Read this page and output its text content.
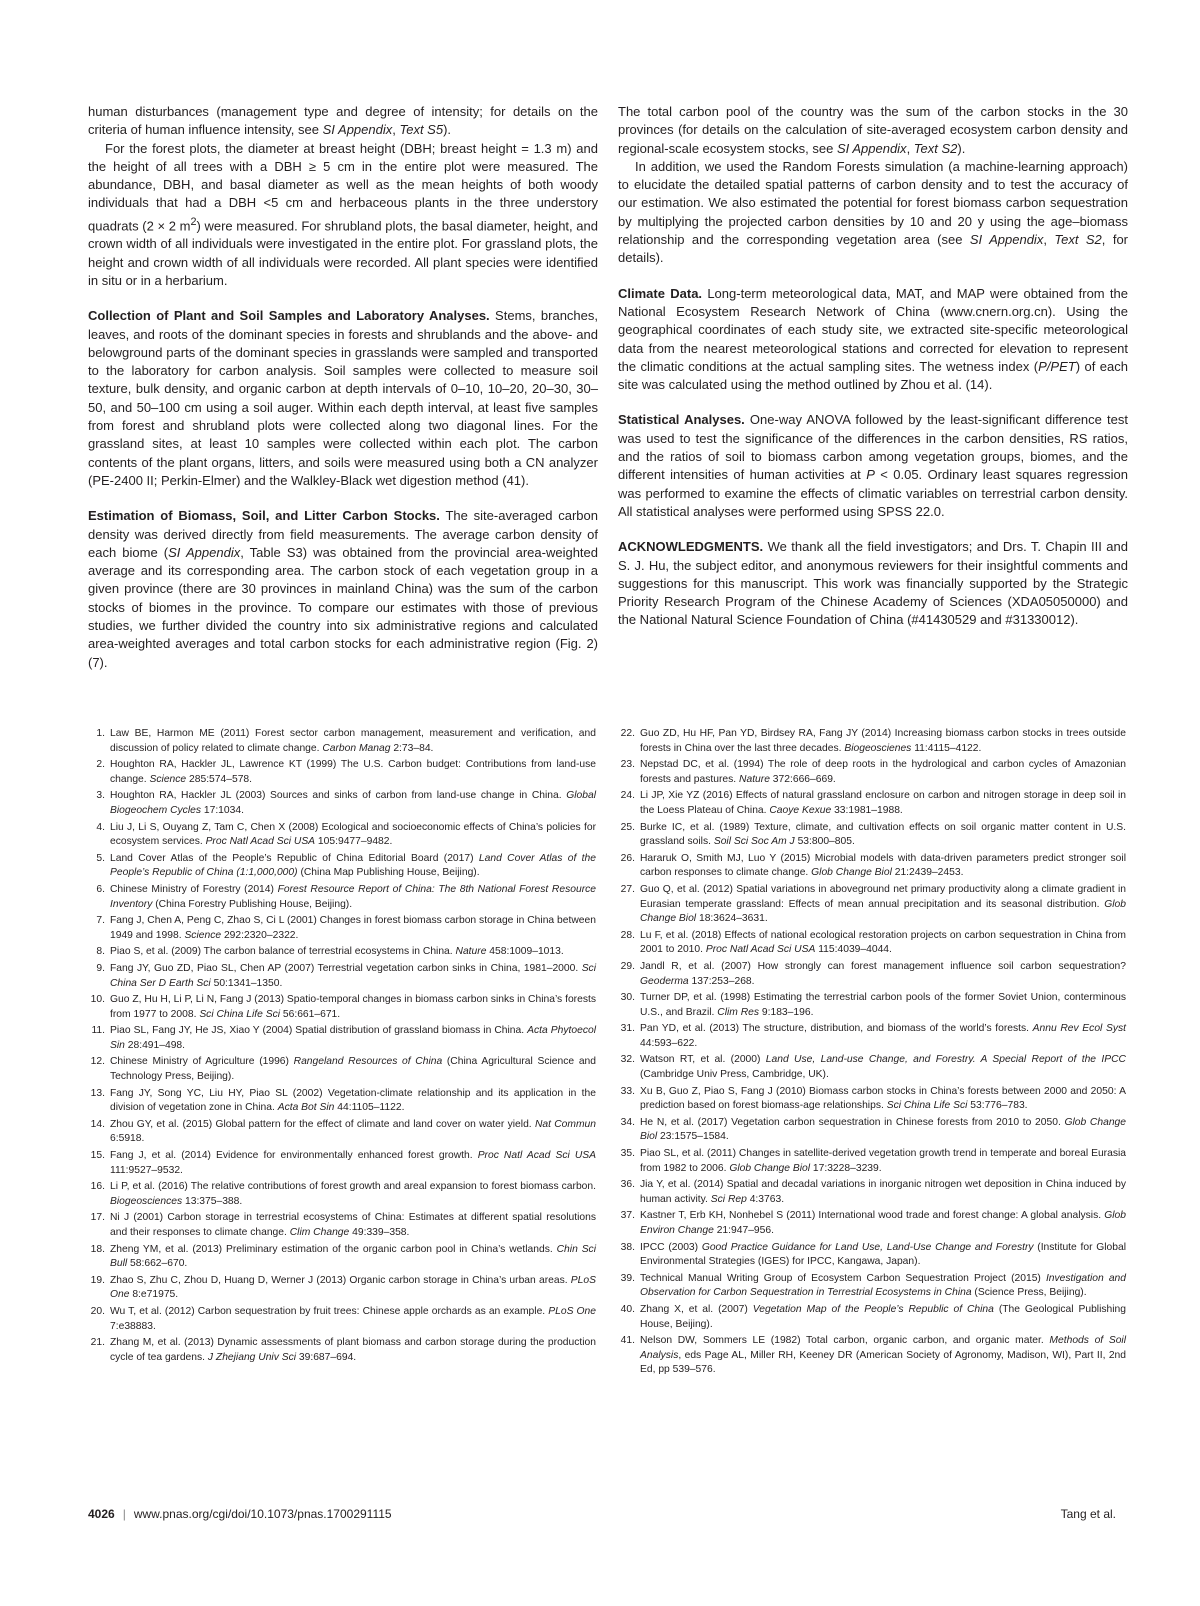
human disturbances (management type and degree of intensity; for details on the criteria of human influence intensity, see SI Appendix, Text S5).

For the forest plots, the diameter at breast height (DBH; breast height = 1.3 m) and the height of all trees with a DBH ≥ 5 cm in the entire plot were measured. The abundance, DBH, and basal diameter as well as the mean heights of both woody individuals that had a DBH <5 cm and herbaceous plants in the three understory quadrats (2 × 2 $m^2$) were measured. For shrubland plots, the basal diameter, height, and crown width of all individuals were investigated in the entire plot. For grassland plots, the height and crown width of all individuals were recorded. All plant species were identified in situ or in a herbarium.

Collection of Plant and Soil Samples and Laboratory Analyses. Stems, branches, leaves, and roots of the dominant species in forests and shrublands and the above- and belowground parts of the dominant species in grasslands were sampled and transported to the laboratory for carbon analysis. Soil samples were collected to measure soil texture, bulk density, and organic carbon at depth intervals of 0–10, 10–20, 20–30, 30–50, and 50–100 cm using a soil auger. Within each depth interval, at least five samples from forest and shrubland plots were collected along two diagonal lines. For the grassland sites, at least 10 samples were collected within each plot. The carbon contents of the plant organs, litters, and soils were measured using both a CN analyzer (PE-2400 II; Perkin-Elmer) and the Walkley-Black wet digestion method (41).

Estimation of Biomass, Soil, and Litter Carbon Stocks. The site-averaged carbon density was derived directly from field measurements. The average carbon density of each biome (SI Appendix, Table S3) was obtained from the provincial area-weighted average and its corresponding area. The carbon stock of each vegetation group in a given province (there are 30 provinces in mainland China) was the sum of the carbon stocks of biomes in the province. To compare our estimates with those of previous studies, we further divided the country into six administrative regions and calculated area-weighted averages and total carbon stocks for each administrative region (Fig. 2) (7).

The total carbon pool of the country was the sum of the carbon stocks in the 30 provinces (for details on the calculation of site-averaged ecosystem carbon density and regional-scale ecosystem stocks, see SI Appendix, Text S2).

In addition, we used the Random Forests simulation (a machine-learning approach) to elucidate the detailed spatial patterns of carbon density and to test the accuracy of our estimation. We also estimated the potential for forest biomass carbon sequestration by multiplying the projected carbon densities by 10 and 20 y using the age–biomass relationship and the corresponding vegetation area (see SI Appendix, Text S2, for details).

Climate Data. Long-term meteorological data, MAT, and MAP were obtained from the National Ecosystem Research Network of China (www.cnern.org.cn). Using the geographical coordinates of each study site, we extracted site-specific meteorological data from the nearest meteorological stations and corrected for elevation to represent the climatic conditions at the actual sampling sites. The wetness index (P/PET) of each site was calculated using the method outlined by Zhou et al. (14).

Statistical Analyses. One-way ANOVA followed by the least-significant difference test was used to test the significance of the differences in the carbon densities, RS ratios, and the ratios of soil to biomass carbon among vegetation groups, biomes, and the different intensities of human activities at P < 0.05. Ordinary least squares regression was performed to examine the effects of climatic variables on terrestrial carbon density. All statistical analyses were performed using SPSS 22.0.

ACKNOWLEDGMENTS. We thank all the field investigators; and Drs. T. Chapin III and S. J. Hu, the subject editor, and anonymous reviewers for their insightful comments and suggestions for this manuscript. This work was financially supported by the Strategic Priority Research Program of the Chinese Academy of Sciences (XDA05050000) and the National Natural Science Foundation of China (#41430529 and #31330012).

1. Law BE, Harmon ME (2011) Forest sector carbon management, measurement and verification, and discussion of policy related to climate change. Carbon Manag 2:73–84.
2. Houghton RA, Hackler JL, Lawrence KT (1999) The U.S. Carbon budget: Contributions from land-use change. Science 285:574–578.
3. Houghton RA, Hackler JL (2003) Sources and sinks of carbon from land-use change in China. Global Biogeochem Cycles 17:1034.
4. Liu J, Li S, Ouyang Z, Tam C, Chen X (2008) Ecological and socioeconomic effects of China’s policies for ecosystem services. Proc Natl Acad Sci USA 105:9477–9482.
5. Land Cover Atlas of the People’s Republic of China Editorial Board (2017) Land Cover Atlas of the People’s Republic of China (1:1,000,000) (China Map Publishing House, Beijing).
6. Chinese Ministry of Forestry (2014) Forest Resource Report of China: The 8th National Forest Resource Inventory (China Forestry Publishing House, Beijing).
7. Fang J, Chen A, Peng C, Zhao S, Ci L (2001) Changes in forest biomass carbon storage in China between 1949 and 1998. Science 292:2320–2322.
8. Piao S, et al. (2009) The carbon balance of terrestrial ecosystems in China. Nature 458:1009–1013.
9. Fang JY, Guo ZD, Piao SL, Chen AP (2007) Terrestrial vegetation carbon sinks in China, 1981–2000. Sci China Ser D Earth Sci 50:1341–1350.
10. Guo Z, Hu H, Li P, Li N, Fang J (2013) Spatio-temporal changes in biomass carbon sinks in China’s forests from 1977 to 2008. Sci China Life Sci 56:661–671.
11. Piao SL, Fang JY, He JS, Xiao Y (2004) Spatial distribution of grassland biomass in China. Acta Phytoecol Sin 28:491–498.
12. Chinese Ministry of Agriculture (1996) Rangeland Resources of China (China Agricultural Science and Technology Press, Beijing).
13. Fang JY, Song YC, Liu HY, Piao SL (2002) Vegetation-climate relationship and its application in the division of vegetation zone in China. Acta Bot Sin 44:1105–1122.
14. Zhou GY, et al. (2015) Global pattern for the effect of climate and land cover on water yield. Nat Commun 6:5918.
15. Fang J, et al. (2014) Evidence for environmentally enhanced forest growth. Proc Natl Acad Sci USA 111:9527–9532.
16. Li P, et al. (2016) The relative contributions of forest growth and areal expansion to forest biomass carbon. Biogeosciences 13:375–388.
17. Ni J (2001) Carbon storage in terrestrial ecosystems of China: Estimates at different spatial resolutions and their responses to climate change. Clim Change 49:339–358.
18. Zheng YM, et al. (2013) Preliminary estimation of the organic carbon pool in China’s wetlands. Chin Sci Bull 58:662–670.
19. Zhao S, Zhu C, Zhou D, Huang D, Werner J (2013) Organic carbon storage in China’s urban areas. PLoS One 8:e71975.
20. Wu T, et al. (2012) Carbon sequestration by fruit trees: Chinese apple orchards as an example. PLoS One 7:e38883.
21. Zhang M, et al. (2013) Dynamic assessments of plant biomass and carbon storage during the production cycle of tea gardens. J Zhejiang Univ Sci 39:687–694.
22. Guo ZD, Hu HF, Pan YD, Birdsey RA, Fang JY (2014) Increasing biomass carbon stocks in trees outside forests in China over the last three decades. Biogeoscienes 11:4115–4122.
23. Nepstad DC, et al. (1994) The role of deep roots in the hydrological and carbon cycles of Amazonian forests and pastures. Nature 372:666–669.
24. Li JP, Xie YZ (2016) Effects of natural grassland enclosure on carbon and nitrogen storage in deep soil in the Loess Plateau of China. Caoye Kexue 33:1981–1988.
25. Burke IC, et al. (1989) Texture, climate, and cultivation effects on soil organic matter content in U.S. grassland soils. Soil Sci Soc Am J 53:800–805.
26. Hararuk O, Smith MJ, Luo Y (2015) Microbial models with data-driven parameters predict stronger soil carbon responses to climate change. Glob Change Biol 21:2439–2453.
27. Guo Q, et al. (2012) Spatial variations in aboveground net primary productivity along a climate gradient in Eurasian temperate grassland: Effects of mean annual precipitation and its seasonal distribution. Glob Change Biol 18:3624–3631.
28. Lu F, et al. (2018) Effects of national ecological restoration projects on carbon sequestration in China from 2001 to 2010. Proc Natl Acad Sci USA 115:4039–4044.
29. Jandl R, et al. (2007) How strongly can forest management influence soil carbon sequestration? Geoderma 137:253–268.
30. Turner DP, et al. (1998) Estimating the terrestrial carbon pools of the former Soviet Union, conterminous U.S., and Brazil. Clim Res 9:183–196.
31. Pan YD, et al. (2013) The structure, distribution, and biomass of the world’s forests. Annu Rev Ecol Syst 44:593–622.
32. Watson RT, et al. (2000) Land Use, Land-use Change, and Forestry. A Special Report of the IPCC (Cambridge Univ Press, Cambridge, UK).
33. Xu B, Guo Z, Piao S, Fang J (2010) Biomass carbon stocks in China’s forests between 2000 and 2050: A prediction based on forest biomass-age relationships. Sci China Life Sci 53:776–783.
34. He N, et al. (2017) Vegetation carbon sequestration in Chinese forests from 2010 to 2050. Glob Change Biol 23:1575–1584.
35. Piao SL, et al. (2011) Changes in satellite-derived vegetation growth trend in temperate and boreal Eurasia from 1982 to 2006. Glob Change Biol 17:3228–3239.
36. Jia Y, et al. (2014) Spatial and decadal variations in inorganic nitrogen wet deposition in China induced by human activity. Sci Rep 4:3763.
37. Kastner T, Erb KH, Nonhebel S (2011) International wood trade and forest change: A global analysis. Glob Environ Change 21:947–956.
38. IPCC (2003) Good Practice Guidance for Land Use, Land-Use Change and Forestry (Institute for Global Environmental Strategies (IGES) for IPCC, Kangawa, Japan).
39. Technical Manual Writing Group of Ecosystem Carbon Sequestration Project (2015) Investigation and Observation for Carbon Sequestration in Terrestrial Ecosystems in China (Science Press, Beijing).
40. Zhang X, et al. (2007) Vegetation Map of the People’s Republic of China (The Geological Publishing House, Beijing).
41. Nelson DW, Sommers LE (1982) Total carbon, organic carbon, and organic mater. Methods of Soil Analysis, eds Page AL, Miller RH, Keeney DR (American Society of Agronomy, Madison, WI), Part II, 2nd Ed, pp 539–576.
4026 | www.pnas.org/cgi/doi/10.1073/pnas.1700291115	Tang et al.
